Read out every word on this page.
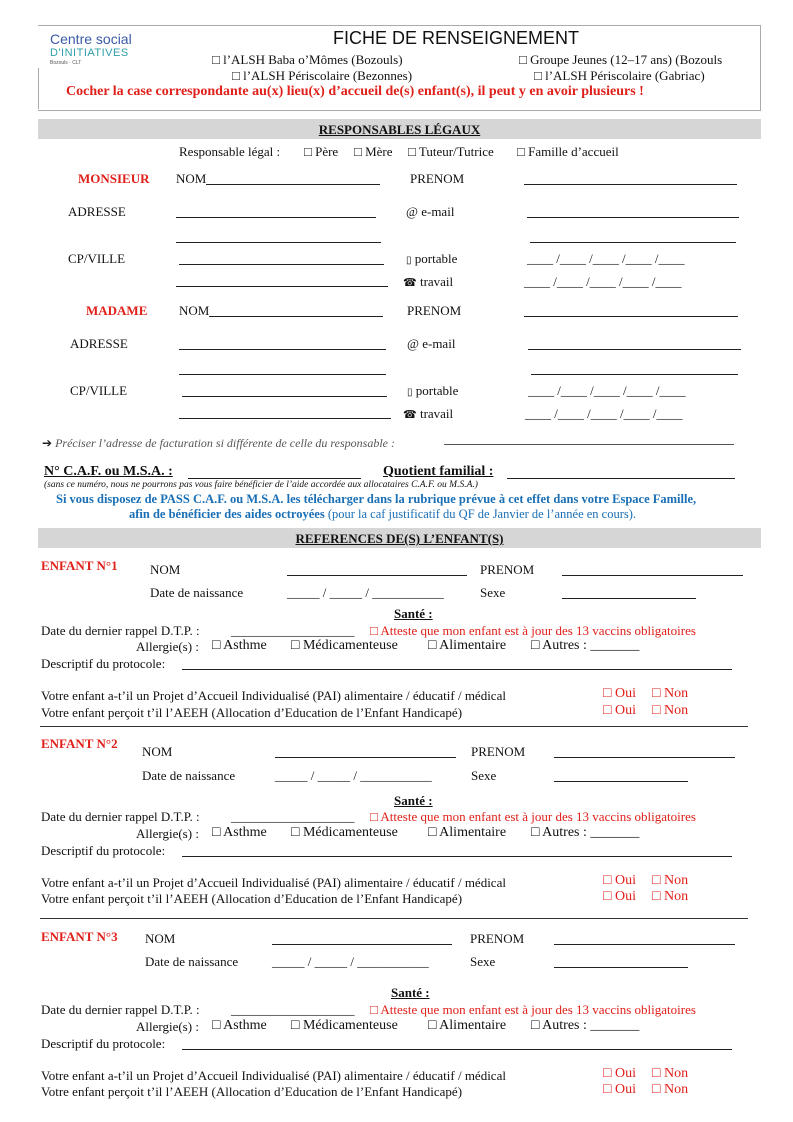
Centre social
D'INITIATIVES
Bozouls · CLT
FICHE DE RENSEIGNEMENT
□ l’ALSH Baba o’Mômes (Bozouls)	□ Groupe Jeunes (12–17 ans) (Bozouls
□ l’ALSH Périscolaire (Bezonnes)	□ l’ALSH Périscolaire (Gabriac)
Cocher la case correspondante au(x) lieu(x) d’accueil de(s) enfant(s), il peut y en avoir plusieurs !
RESPONSABLES LÉGAUX
Responsable légal : □ Père □ Mère □ Tuteur/Tutrice □ Famille d’accueil
MONSIEUR NOM	PRENOM
ADRESSE	@ e-mail
CP/VILLE	▯ portable	____ /____ /____ /____ /____
☎ travail	____ /____ /____ /____ /____
MADAME NOM	PRENOM
ADRESSE	@ e-mail
CP/VILLE	▯ portable	____ /____ /____ /____ /____
☎ travail	____ /____ /____ /____ /____
➔ Préciser l’adresse de facturation si différente de celle du responsable :
N° C.A.F. ou M.S.A. :	Quotient familial :
(sans ce numéro, nous ne pourrons pas vous faire bénéficier de l’aide accordée aux allocataires C.A.F. ou M.S.A.)
Si vous disposez de PASS C.A.F. ou M.S.A. les télécharger dans la rubrique prévue à cet effet dans votre Espace Famille,
afin de bénéficier des aides octroyées (pour la caf justificatif du QF de Janvier de l’année en cours).
REFERENCES DE(S) L’ENFANT(S)
ENFANT N°1 NOM	PRENOM
Date de naissance	_____ / _____ / ___________	Sexe
Santé :
Date du dernier rappel D.T.P. : ___________________ □ Atteste que mon enfant est à jour des 13 vaccins obligatoires
Allergie(s) : □ Asthme □ Médicamenteuse □ Alimentaire □ Autres : _______
Descriptif du protocole:
Votre enfant a-t’il un Projet d’Accueil Individualisé (PAI) alimentaire / éducatif / médical	□ Oui □ Non
Votre enfant perçoit t’il l’AEEH (Allocation d’Education de l’Enfant Handicapé)	□ Oui □ Non
ENFANT N°2
NOM	PRENOM
Date de naissance	_____ / _____ / ___________	Sexe
Santé :
Date du dernier rappel D.T.P. : ___________________ □ Atteste que mon enfant est à jour des 13 vaccins obligatoires
Allergie(s) : □ Asthme □ Médicamenteuse □ Alimentaire □ Autres : _______
Descriptif du protocole:
Votre enfant a-t’il un Projet d’Accueil Individualisé (PAI) alimentaire / éducatif / médical	□ Oui □ Non
Votre enfant perçoit t’il l’AEEH (Allocation d’Education de l’Enfant Handicapé)	□ Oui □ Non
ENFANT N°3 NOM	PRENOM
Date de naissance	_____ / _____ / ___________	Sexe
Santé :
Date du dernier rappel D.T.P. : ___________________ □ Atteste que mon enfant est à jour des 13 vaccins obligatoires
Allergie(s) : □ Asthme □ Médicamenteuse □ Alimentaire □ Autres : _______
Descriptif du protocole:
Votre enfant a-t’il un Projet d’Accueil Individualisé (PAI) alimentaire / éducatif / médical	□ Oui □ Non
Votre enfant perçoit t’il l’AEEH (Allocation d’Education de l’Enfant Handicapé)	□ Oui □ Non
